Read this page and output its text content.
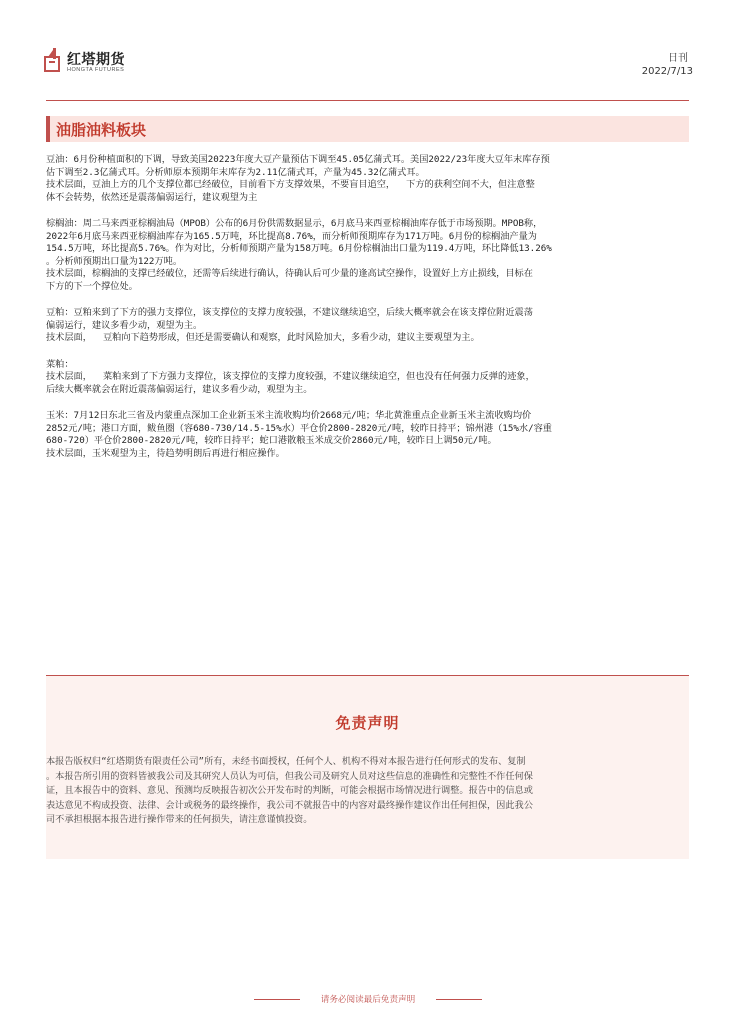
红塔期货
HONGTA FUTURES
日刊
2022/7/13
油脂油料板块

豆油：6月份种植面积的下调，导致美国20223年度大豆产量预估下调至45.05亿蒲式耳。美国2022/23年度大豆年末库存预

估下调至2.3亿蒲式耳。分析师原本预期年末库存为2.11亿蒲式耳，产量为45.32亿蒲式耳。

技术层面，豆油上方的几个支撑位都已经破位，目前看下方支撑效果，不要盲目追空，  下方的获利空间不大，但注意整

体不会转势，依然还是震荡偏弱运行，建议观望为主

棕榈油：周二马来西亚棕榈油局（MPOB）公布的6月份供需数据显示，6月底马来西亚棕榈油库存低于市场预期。MPOB称，

2022年6月底马来西亚棕榈油库存为165.5万吨，环比提高8.76%，而分析师预期库存为171万吨。6月份的棕榈油产量为

154.5万吨，环比提高5.76%。作为对比，分析师预期产量为158万吨。6月份棕榈油出口量为119.4万吨，环比降低13.26%

。分析师预期出口量为122万吨。

技术层面，棕榈油的支撑已经破位，还需等后续进行确认，待确认后可少量的逢高试空操作，设置好上方止损线，目标在

下方的下一个撑位处。

豆粕：豆粕来到了下方的强力支撑位，该支撑位的支撑力度较强，不建议继续追空，后续大概率就会在该支撑位附近震荡

偏弱运行，建议多看少动，观望为主。

技术层面，  豆粕向下趋势形成，但还是需要确认和观察，此时风险加大，多看少动，建议主要观望为主。

菜粕：

技术层面，  菜粕来到了下方强力支撑位，该支撑位的支撑力度较强，不建议继续追空，但也没有任何强力反弹的迹象，

后续大概率就会在附近震荡偏弱运行，建议多看少动，观望为主。

玉米：7月12日东北三省及内蒙重点深加工企业新玉米主流收购均价2668元/吨；华北黄淮重点企业新玉米主流收购均价

2852元/吨；港口方面，鲅鱼圈（容680-730/14.5-15%水）平仓价2800-2820元/吨，较昨日持平；锦州港（15%水/容重

680-720）平仓价2800-2820元/吨，较昨日持平；蛇口港散粮玉米成交价2860元/吨，较昨日上调50元/吨。

技术层面，玉米观望为主，待趋势明朗后再进行相应操作。

免责声明

本报告版权归“红塔期货有限责任公司”所有，未经书面授权，任何个人、机构不得对本报告进行任何形式的发布、复制

。本报告所引用的资料皆被我公司及其研究人员认为可信，但我公司及研究人员对这些信息的准确性和完整性不作任何保

证，且本报告中的资料、意见、预测均反映报告初次公开发布时的判断，可能会根据市场情况进行调整。报告中的信息或

表达意见不构成投资、法律、会计或税务的最终操作，我公司不就报告中的内容对最终操作建议作出任何担保，因此我公

司不承担根据本报告进行操作带来的任何损失，请注意谨慎投资。

请务必阅读最后免责声明
